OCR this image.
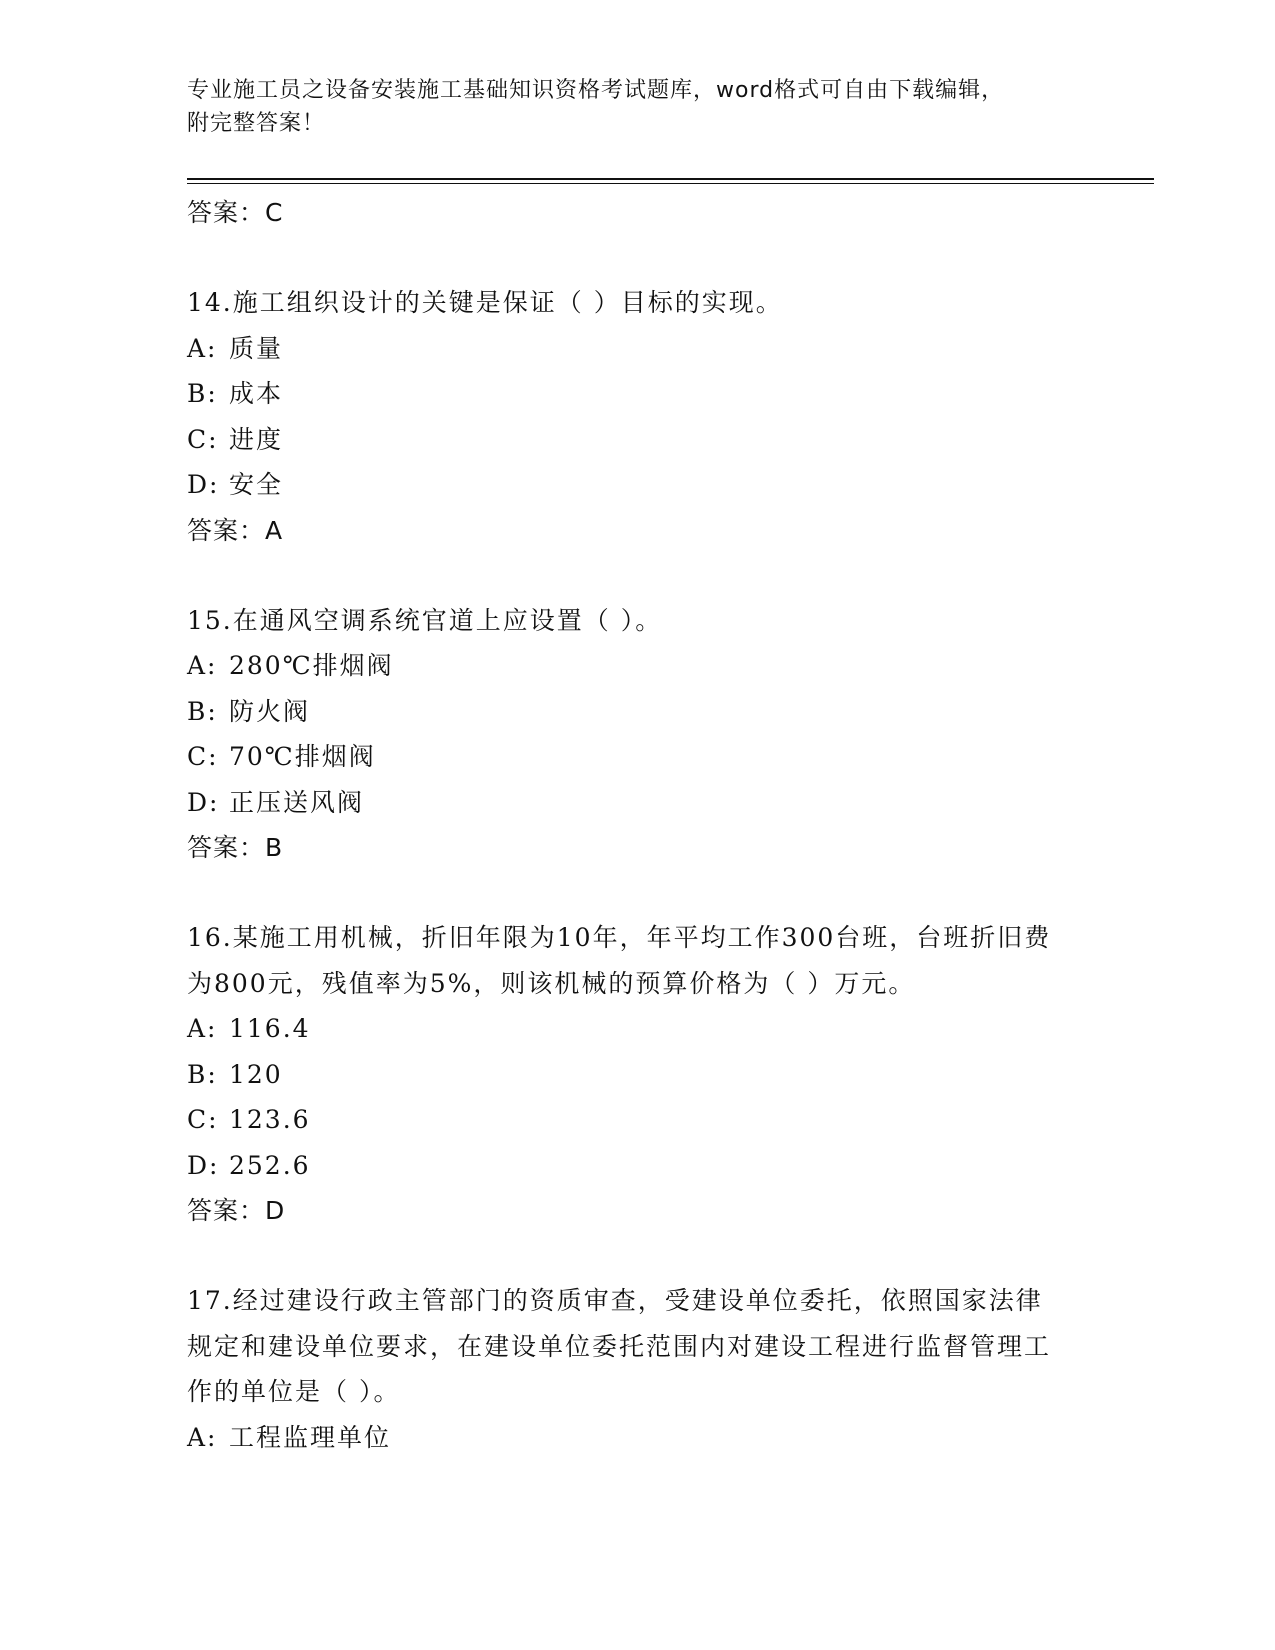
专业施工员之设备安装施工基础知识资格考试题库，word格式可自由下载编辑，
附完整答案！
答案：C
14.施工组织设计的关键是保证（ ）目标的实现。
A: 质量
B: 成本
C: 进度
D: 安全
答案：A
15.在通风空调系统官道上应设置（ ）。
A: 280℃排烟阀
B: 防火阀
C: 70℃排烟阀
D: 正压送风阀
答案：B
16.某施工用机械，折旧年限为10年，年平均工作300台班，台班折旧费为800元，残值率为5%，则该机械的预算价格为（ ）万元。
A: 116.4
B: 120
C: 123.6
D: 252.6
答案：D
17.经过建设行政主管部门的资质审查，受建设单位委托，依照国家法律规定和建设单位要求，在建设单位委托范围内对建设工程进行监督管理工作的单位是（ ）。
A: 工程监理单位
